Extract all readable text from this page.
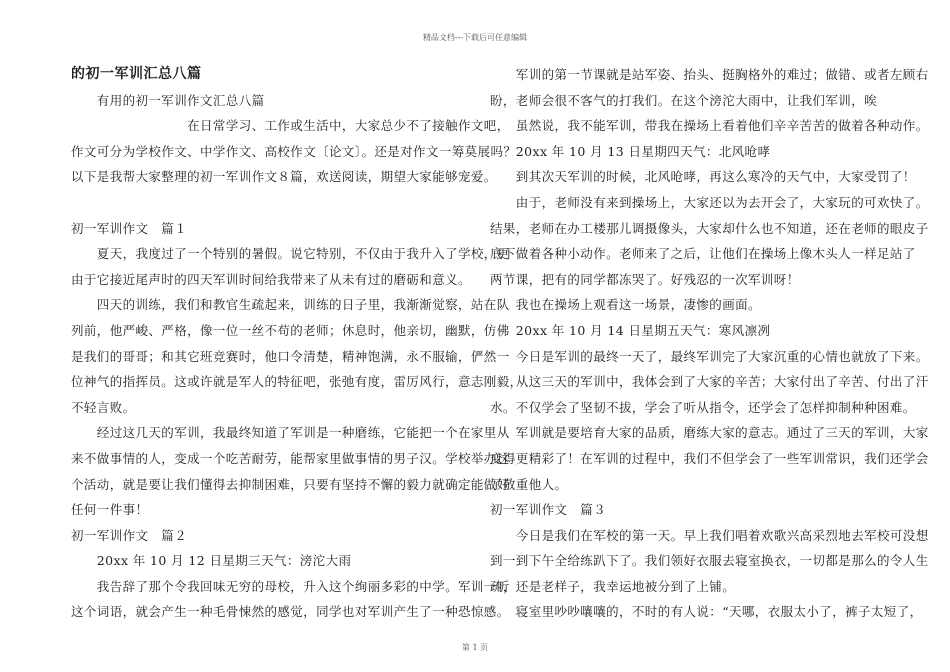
精品文档---下载后可任意编辑
的初一军训汇总八篇
　　有用的初一军训作文汇总八篇
　　　　　　　　　在日常学习、工作或生活中，大家总少不了接触作文吧，
作文可分为学校作文、中学作文、高校作文〔论文〕。还是对作文一筹莫展吗？
以下是我帮大家整理的初一军训作文８篇，欢送阅读，期望大家能够宠爱。
初一军训作文　篇１
　　夏天，我度过了一个特别的暑假。说它特别，不仅由于我升入了学校，更
由于它接近尾声时的四天军训时间给我带来了从未有过的磨砺和意义。
　　四天的训练，我们和教官生疏起来，训练的日子里，我渐渐觉察，站在队
列前，他严峻、严格，像一位一丝不苟的老师；休息时，他亲切，幽默，仿佛
是我们的哥哥；和其它班竞赛时，他口令清楚，精神饱满，永不服输，俨然一
位神气的指挥员。这或许就是军人的特征吧，张弛有度，雷厉风行，意志刚毅，
不轻言败。
　　经过这几天的军训，我最终知道了军训是一种磨练，它能把一个在家里从
来不做事情的人，变成一个吃苦耐劳，能帮家里做事情的男子汉。学校举办这
个活动，就是要让我们懂得去抑制困难，只要有坚持不懈的毅力就确定能做好
任何一件事！
初一军训作文　篇２
　　20xx 年 10 月 12 日星期三天气：滂沱大雨
　　我告辞了那个令我回味无穷的母校，升入这个绚丽多彩的中学。军训一听
这个词语，就会产生一种毛骨悚然的感觉，同学也对军训产生了一种恐惊感。
　　军训的第一节课就是站军姿、抬头、挺胸格外的难过；做错、或者左顾右
盼，老师会很不客气的打我们。在这个滂沱大雨中，让我们军训，唉
　　虽然说，我不能军训，带我在操场上看着他们辛辛苦苦的做着各种动作。
　　20xx 年 10 月 13 日星期四天气：北风呛哮
　　到其次天军训的时候，北风呛哮，再这么寒冷的天气中，大家受罚了！
　　由于，老师没有来到操场上，大家还以为去开会了，大家玩的可欢快了。
结果，老师在办工楼那儿调摄像头，大家却什么也不知道，还在老师的眼皮子
底下做着各种小动作。老师来了之后，让他们在操场上像木头人一样足站了
两节课，把有的同学都冻哭了。好残忍的一次军训呀！
　　我也在操场上观看这一场景，凄惨的画面。
　　20xx 年 10 月 14 日星期五天气：寒风凛冽
　　今日是军训的最终一天了，最终军训完了大家沉重的心情也就放了下来。
　　从这三天的军训中，我体会到了大家的辛苦；大家付出了辛苦、付出了汗
水。不仅学会了坚韧不拔，学会了听从指令，还学会了怎样抑制种种困难。
　　军训就是要培育大家的品质，磨练大家的意志。通过了三天的军训，大家
变得更精彩了！在军训的过程中，我们不但学会了一些军训常识，我们还学会
了敬重他人。
初一军训作文　篇３
　　今日是我们在军校的第一天。早上我们唱着欢歌兴高采烈地去军校可没想
到一到下午全给练趴下了。我们领好衣服去寝室换衣，一切都是那么的令人生
疏，还是老样子，我幸运地被分到了上铺。
　　寝室里吵吵嚷嚷的，不时的有人说：“天哪，衣服太小了，裤子太短了，
第 1 页
